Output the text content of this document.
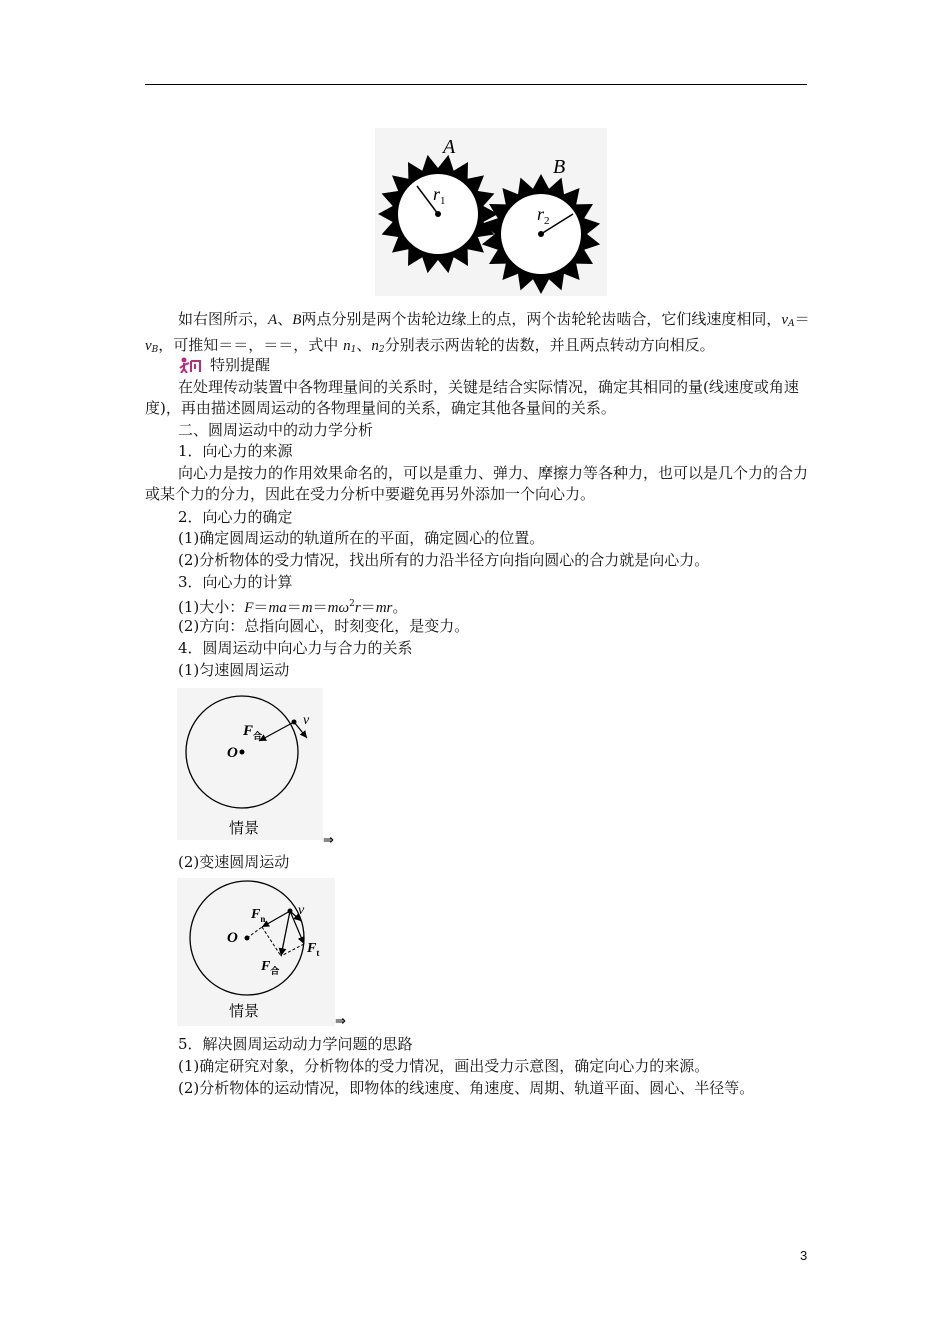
A
B
$r_1$
$r_2$
如右图所示，A、B两点分别是两个齿轮边缘上的点，两个齿轮轮齿啮合，它们线速度相同，$v_A=v_B$，可推知＝＝，＝＝，式中 $n_1$、$n_2$分别表示两齿轮的齿数，并且两点转动方向相反。
特别提醒
在处理传动装置中各物理量间的关系时，关键是结合实际情况，确定其相同的量(线速度或角速度)，再由描述圆周运动的各物理量间的关系，确定其他各量间的关系。
二、圆周运动中的动力学分析
1．向心力的来源
向心力是按力的作用效果命名的，可以是重力、弹力、摩擦力等各种力，也可以是几个力的合力或某个力的分力，因此在受力分析中要避免再另外添加一个向心力。
2．向心力的确定
(1)确定圆周运动的轨道所在的平面，确定圆心的位置。
(2)分析物体的受力情况，找出所有的力沿半径方向指向圆心的合力就是向心力。
3．向心力的计算
(1)大小：$F=ma=m=m\omega^2r=mr$。
(2)方向：总指向圆心，时刻变化，是变力。
4．圆周运动中向心力与合力的关系
(1)匀速圆周运动
O
$F_合$
v
情景
⇒
(2)变速圆周运动
O
$F_n$
$F_t$
$F_合$
v
情景
⇒
5．解决圆周运动动力学问题的思路
(1)确定研究对象，分析物体的受力情况，画出受力示意图，确定向心力的来源。
(2)分析物体的运动情况，即物体的线速度、角速度、周期、轨道平面、圆心、半径等。
3
